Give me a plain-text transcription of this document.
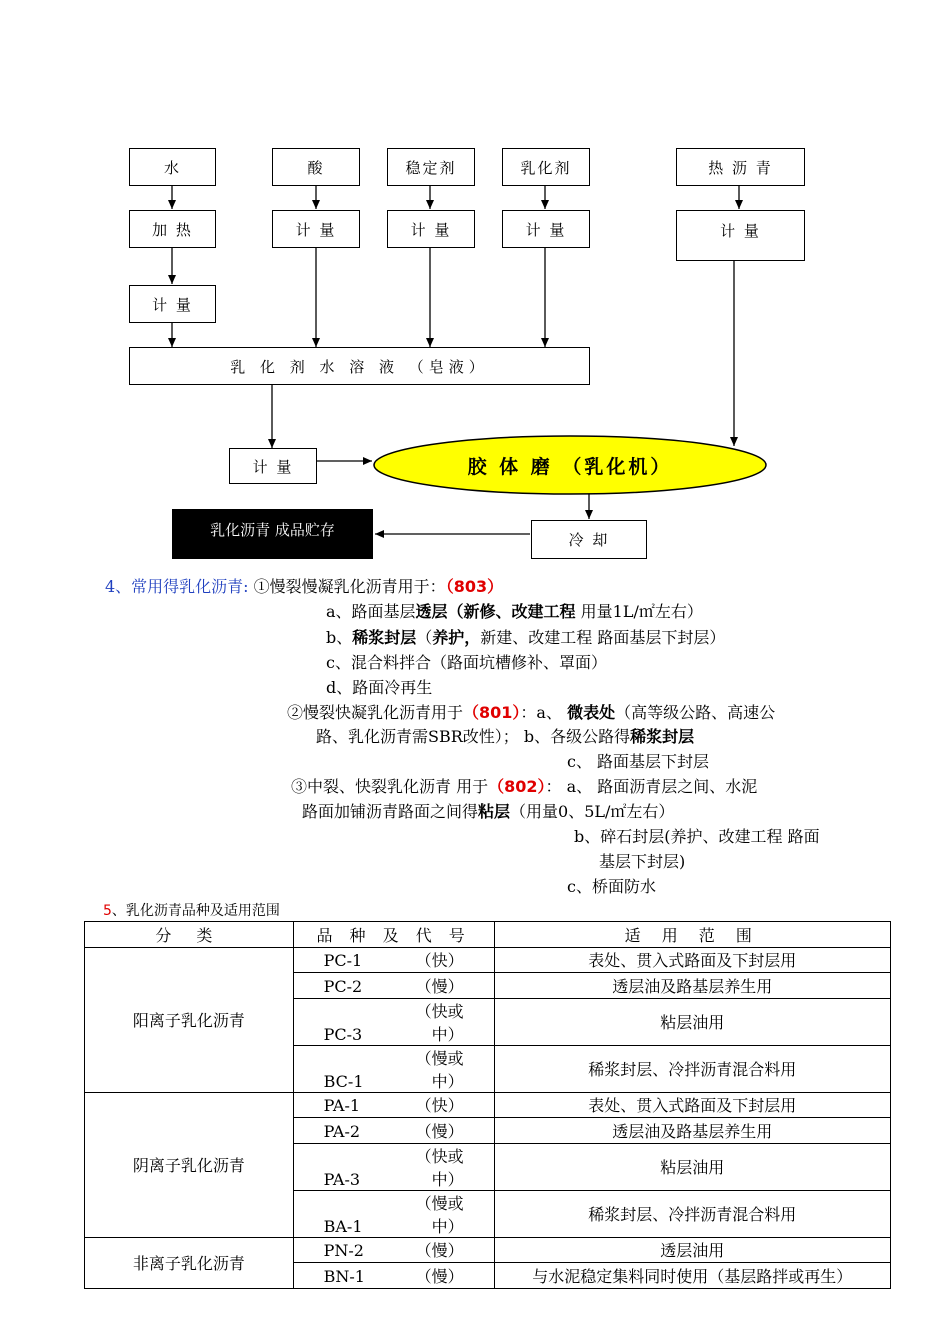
水	酸	稳定剂	乳化剂	热 沥 青
加 热	计 量	计 量	计 量	计 量
计 量
乳 化 剂 水 溶 液 （皂液）
计 量	胶 体 磨 （乳化机）
冷 却
乳化沥青 成品贮存
4、常用得乳化沥青: ①慢裂慢凝乳化沥青用于：（803）
a、路面基层透层（新修、改建工程 用量1L/㎡左右）
b、稀浆封层（养护，新建、改建工程 路面基层下封层）
c、混合料拌合（路面坑槽修补、罩面）
d、路面冷再生
②慢裂快凝乳化沥青用于（801）：a、 微表处（高等级公路、高速公
路、乳化沥青需SBR改性）； b、各级公路得稀浆封层
c、 路面基层下封层
③中裂、快裂乳化沥青 用于（802）： a、 路面沥青层之间、水泥
路面加铺沥青路面之间得粘层（用量0、5L/㎡左右）
b、碎石封层(养护、改建工程 路面
基层下封层)
c、桥面防水
5、乳化沥青品种及适用范围
分 类	品 种 及 代 号	适 用 范 围
阳离子乳化沥青	PC-1 （快）	表处、贯入式路面及下封层用
	PC-2 （慢）	透层油及路基层养生用
	PC-3（快或中）	粘层油用
	BC-1（慢或中）	稀浆封层、冷拌沥青混合料用
阴离子乳化沥青	PA-1 （快）	表处、贯入式路面及下封层用
	PA-2 （慢）	透层油及路基层养生用
	PA-3（快或中）	粘层油用
	BA-1（慢或中）	稀浆封层、冷拌沥青混合料用
非离子乳化沥青	PN-2 （慢）	透层油用
	BN-1 （慢）	与水泥稳定集料同时使用（基层路拌或再生）
